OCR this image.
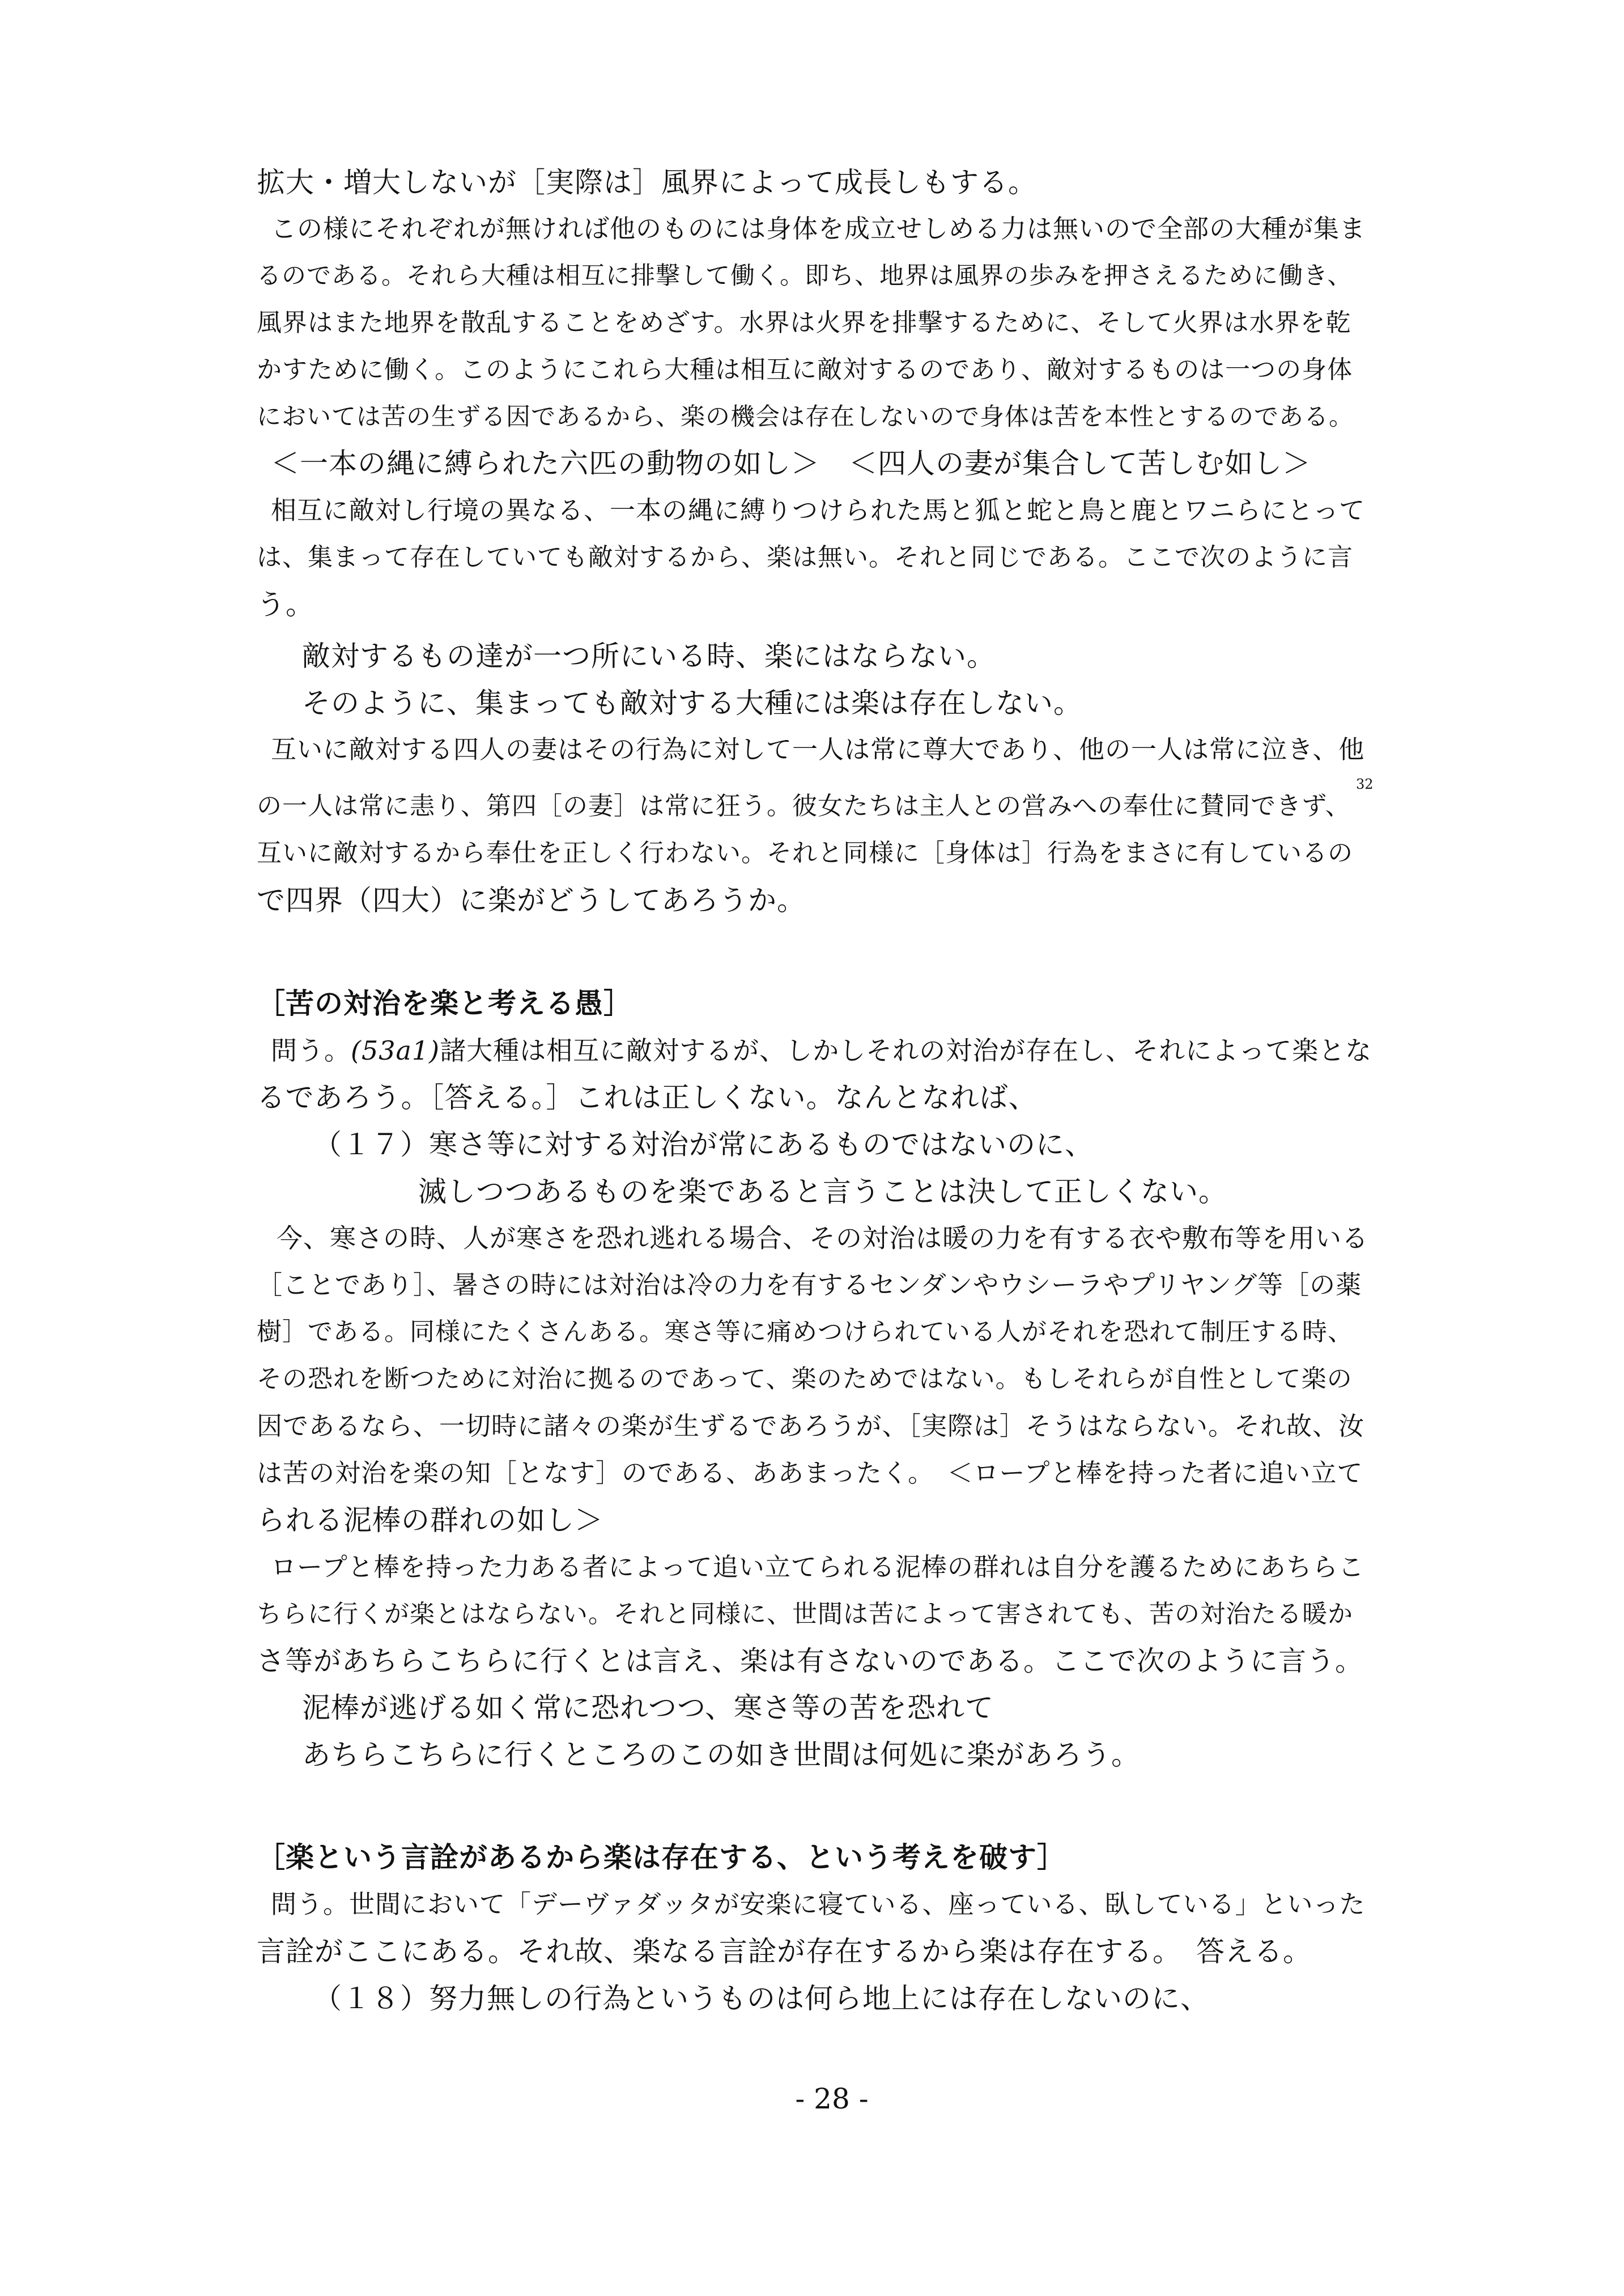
拡大・増大しないが［実際は］風界によって成長しもする。
この様にそれぞれが無ければ他のものには身体を成立せしめる力は無いので全部の大種が集ま
るのである。それら大種は相互に排撃して働く。即ち、地界は風界の歩みを押さえるために働き、
風界はまた地界を散乱することをめざす。水界は火界を排撃するために、そして火界は水界を乾
かすために働く。このようにこれら大種は相互に敵対するのであり、敵対するものは一つの身体
においては苦の生ずる因であるから、楽の機会は存在しないので身体は苦を本性とするのである。
＜一本の縄に縛られた六匹の動物の如し＞　＜四人の妻が集合して苦しむ如し＞
相互に敵対し行境の異なる、一本の縄に縛りつけられた馬と狐と蛇と鳥と鹿とワニらにとって
は、集まって存在していても敵対するから、楽は無い。それと同じである。ここで次のように言
う。
敵対するもの達が一つ所にいる時、楽にはならない。
そのように、集まっても敵対する大種には楽は存在しない。
互いに敵対する四人の妻はその行為に対して一人は常に尊大であり、他の一人は常に泣き、他
32
の一人は常に恚り、第四［の妻］は常に狂う。彼女たちは主人との営みへの奉仕に賛同できず、
互いに敵対するから奉仕を正しく行わない。それと同様に［身体は］行為をまさに有しているの
で四界（四大）に楽がどうしてあろうか。
［苦の対治を楽と考える愚］
問う。(53a1)諸大種は相互に敵対するが、しかしそれの対治が存在し、それによって楽とな
るであろう。［答える。］これは正しくない。なんとなれば、
（１７）寒さ等に対する対治が常にあるものではないのに、
滅しつつあるものを楽であると言うことは決して正しくない。
今、寒さの時、人が寒さを恐れ逃れる場合、その対治は暖の力を有する衣や敷布等を用いる
［ことであり］、暑さの時には対治は冷の力を有するセンダンやウシーラやプリヤング等［の薬
樹］である。同様にたくさんある。寒さ等に痛めつけられている人がそれを恐れて制圧する時、
その恐れを断つために対治に拠るのであって、楽のためではない。もしそれらが自性として楽の
因であるなら、一切時に諸々の楽が生ずるであろうが、［実際は］そうはならない。それ故、汝
は苦の対治を楽の知［となす］のである、ああまったく。　＜ロープと棒を持った者に追い立て
られる泥棒の群れの如し＞
ロープと棒を持った力ある者によって追い立てられる泥棒の群れは自分を護るためにあちらこ
ちらに行くが楽とはならない。それと同様に、世間は苦によって害されても、苦の対治たる暖か
さ等があちらこちらに行くとは言え、楽は有さないのである。ここで次のように言う。
泥棒が逃げる如く常に恐れつつ、寒さ等の苦を恐れて
あちらこちらに行くところのこの如き世間は何処に楽があろう。
［楽という言詮があるから楽は存在する、という考えを破す］
問う。世間において「デーヴァダッタが安楽に寝ている、座っている、臥している」といった
言詮がここにある。それ故、楽なる言詮が存在するから楽は存在する。　答える。
（１８）努力無しの行為というものは何ら地上には存在しないのに、
- 28 -
